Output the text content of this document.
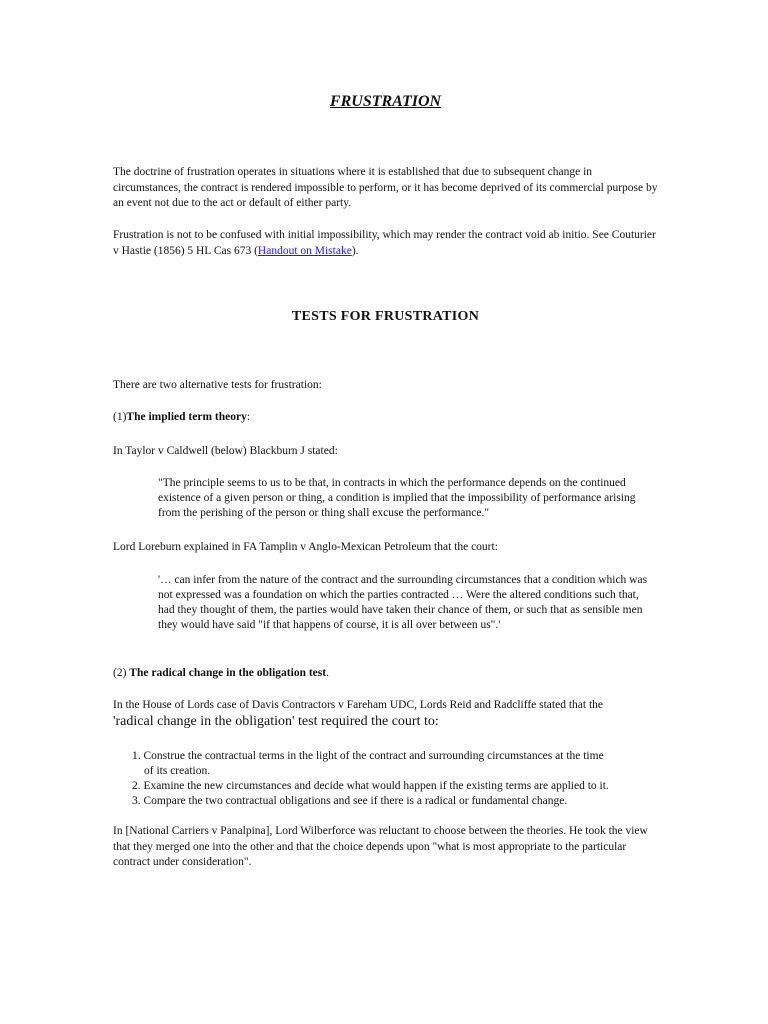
FRUSTRATION
The doctrine of frustration operates in situations where it is established that due to subsequent change in circumstances, the contract is rendered impossible to perform, or it has become deprived of its commercial purpose by an event not due to the act or default of either party.
Frustration is not to be confused with initial impossibility, which may render the contract void ab initio. See Couturier v Hastie (1856) 5 HL Cas 673 (Handout on Mistake).
TESTS FOR FRUSTRATION
There are two alternative tests for frustration:
(1)The implied term theory:
In Taylor v Caldwell (below) Blackburn J stated:
"The principle seems to us to be that, in contracts in which the performance depends on the continued existence of a given person or thing, a condition is implied that the impossibility of performance arising from the perishing of the person or thing shall excuse the performance."
Lord Loreburn explained in FA Tamplin v Anglo-Mexican Petroleum that the court:
'… can infer from the nature of the contract and the surrounding circumstances that a condition which was not expressed was a foundation on which the parties contracted … Were the altered conditions such that, had they thought of them, the parties would have taken their chance of them, or such that as sensible men they would have said "if that happens of course, it is all over between us".'
(2) The radical change in the obligation test.
In the House of Lords case of Davis Contractors v Fareham UDC, Lords Reid and Radcliffe stated that the
'radical change in the obligation' test required the court to:
1. Construe the contractual terms in the light of the contract and surrounding circumstances at the time
of its creation.
2. Examine the new circumstances and decide what would happen if the existing terms are applied to it.
3. Compare the two contractual obligations and see if there is a radical or fundamental change.
In [National Carriers v Panalpina], Lord Wilberforce was reluctant to choose between the theories. He took the view that they merged one into the other and that the choice depends upon "what is most appropriate to the particular contract under consideration".
